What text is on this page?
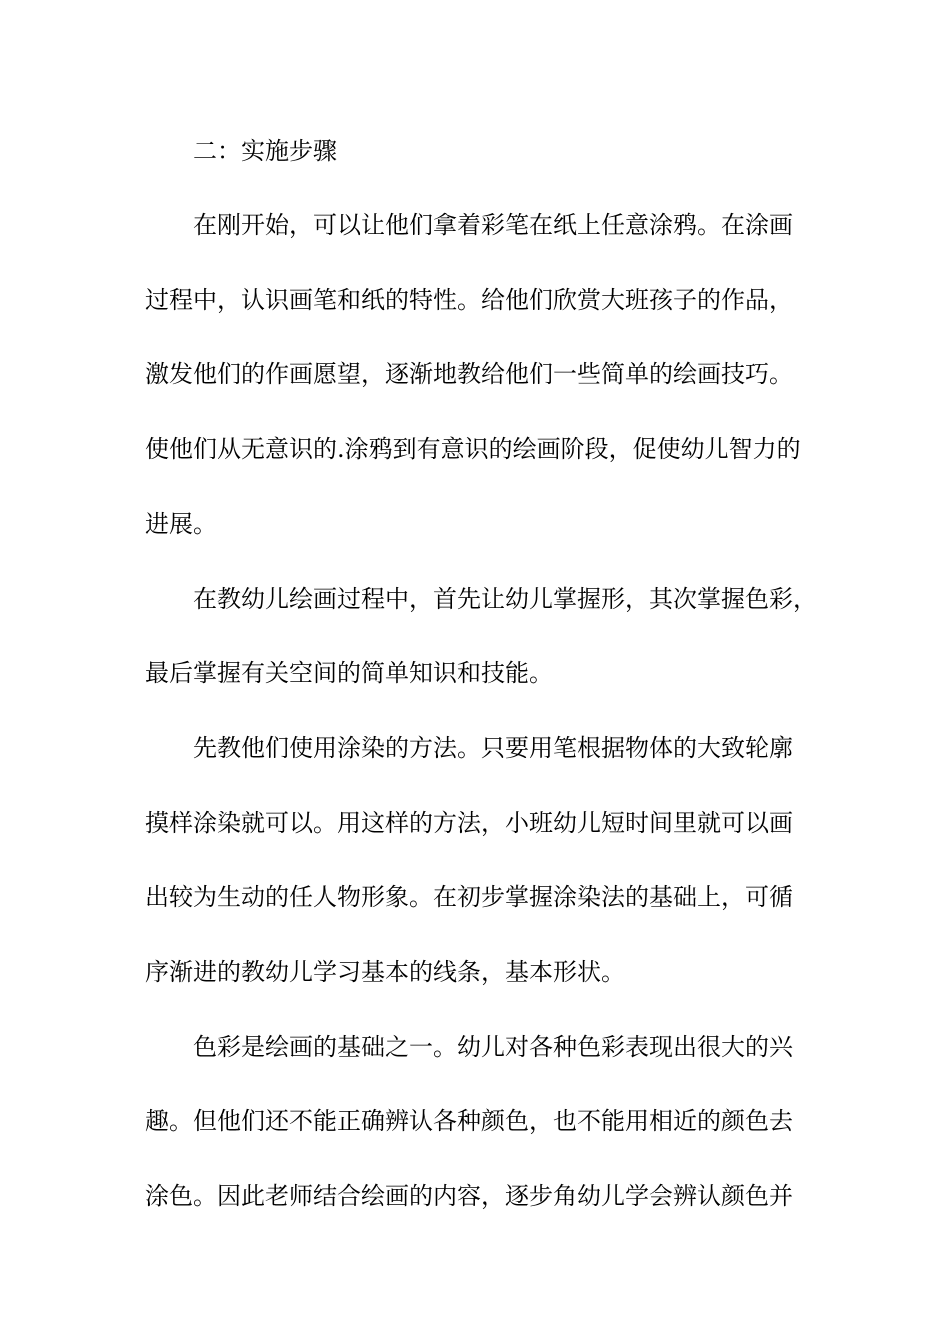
二：实施步骤

在刚开始，可以让他们拿着彩笔在纸上任意涂鸦。在涂画

过程中，认识画笔和纸的特性。给他们欣赏大班孩子的作品，

激发他们的作画愿望，逐渐地教给他们一些简单的绘画技巧。

使他们从无意识的.涂鸦到有意识的绘画阶段，促使幼儿智力的

进展。

在教幼儿绘画过程中，首先让幼儿掌握形，其次掌握色彩，

最后掌握有关空间的简单知识和技能。

先教他们使用涂染的方法。只要用笔根据物体的大致轮廓

摸样涂染就可以。用这样的方法，小班幼儿短时间里就可以画

出较为生动的任人物形象。在初步掌握涂染法的基础上，可循

序渐进的教幼儿学习基本的线条，基本形状。

色彩是绘画的基础之一。幼儿对各种色彩表现出很大的兴

趣。但他们还不能正确辨认各种颜色，也不能用相近的颜色去

涂色。因此老师结合绘画的内容，逐步角幼儿学会辨认颜色并
